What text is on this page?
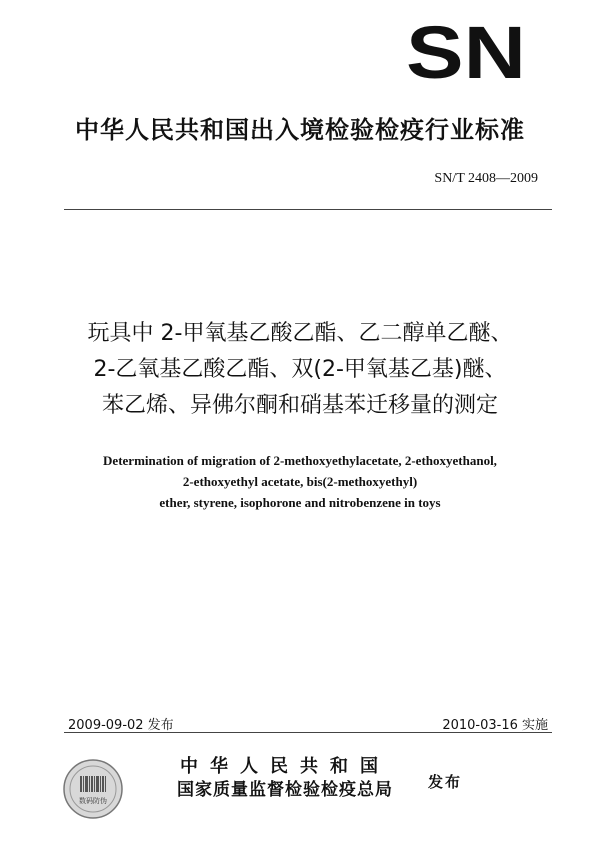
SN
中华人民共和国出入境检验检疫行业标准
SN/T 2408—2009
玩具中 2-甲氧基乙酸乙酯、乙二醇单乙醚、
2-乙氧基乙酸乙酯、双(2-甲氧基乙基)醚、
苯乙烯、异佛尔酮和硝基苯迁移量的测定
Determination of migration of 2-methoxyethylacetate, 2-ethoxyethanol,
2-ethoxyethyl acetate, bis(2-methoxyethyl)
ether, styrene, isophorone and nitrobenzene in toys
2009-09-02 发布	2010-03-16 实施
数码防伪
中华人民共和国
国家质量监督检验检疫总局	发布
